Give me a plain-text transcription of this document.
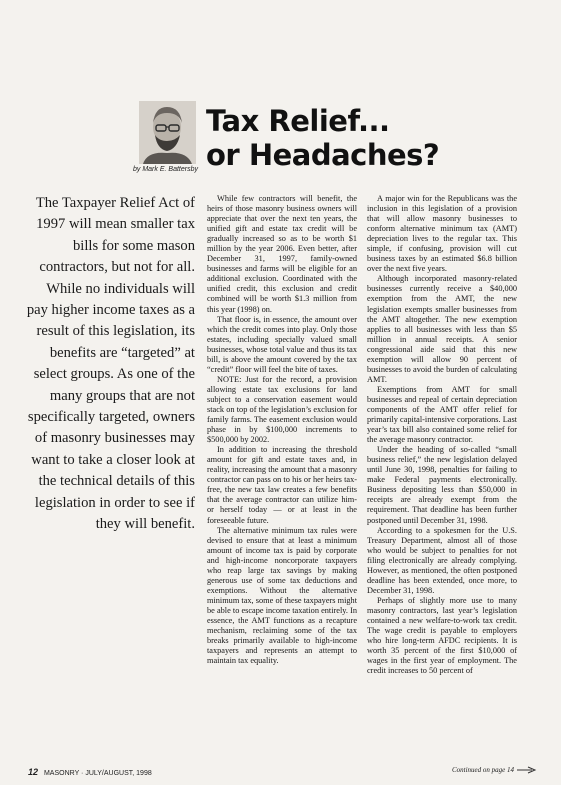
by Mark E. Battersby
Tax Relief...
or Headaches?
The Taxpayer Relief Act of 1997 will mean smaller tax bills for some mason contractors, but not for all. While no individuals will pay higher income taxes as a result of this legislation, its benefits are “targeted” at select groups. As one of the many groups that are not specifically targeted, owners of masonry businesses may want to take a closer look at the technical details of this legislation in order to see if they will benefit.

While few contractors will benefit, the heirs of those masonry business owners will appreciate that over the next ten years, the unified gift and estate tax credit will be gradually increased so as to be worth $1 million by the year 2006. Even better, after December 31, 1997, family-owned businesses and farms will be eligible for an additional exclusion. Coordinated with the unified credit, this exclusion and credit combined will be worth $1.3 million from this year (1998) on.

That floor is, in essence, the amount over which the credit comes into play. Only those estates, including specially valued small businesses, whose total value and thus its tax bill, is above the amount covered by the tax “credit” floor will feel the bite of taxes.

NOTE: Just for the record, a provision allowing estate tax exclusions for land subject to a conservation easement would stack on top of the legislation’s exclusion for family farms. The easement exclusion would phase in by $100,000 increments to $500,000 by 2002.

In addition to increasing the threshold amount for gift and estate taxes and, in reality, increasing the amount that a masonry contractor can pass on to his or her heirs tax-free, the new tax law creates a few benefits that the average contractor can utilize him- or herself today — or at least in the foreseeable future.

The alternative minimum tax rules were devised to ensure that at least a minimum amount of income tax is paid by corporate and high-income noncorporate taxpayers who reap large tax savings by making generous use of some tax deductions and exemptions. Without the alternative minimum tax, some of these taxpayers might be able to escape income taxation entirely. In essence, the AMT functions as a recapture mechanism, reclaiming some of the tax breaks primarily available to high-income taxpayers and represents an attempt to maintain tax equality.

A major win for the Republicans was the inclusion in this legislation of a provision that will allow masonry businesses to conform alternative minimum tax (AMT) depreciation lives to the regular tax. This simple, if confusing, provision will cut business taxes by an estimated $6.8 billion over the next five years.

Although incorporated masonry-related businesses currently receive a $40,000 exemption from the AMT, the new legislation exempts smaller businesses from the AMT altogether. The new exemption applies to all businesses with less than $5 million in annual receipts. A senior congressional aide said that this new exemption will allow 90 percent of businesses to avoid the burden of calculating AMT.

Exemptions from AMT for small businesses and repeal of certain depreciation components of the AMT offer relief for primarily capital-intensive corporations. Last year’s tax bill also contained some relief for the average masonry contractor.

Under the heading of so-called “small business relief,” the new legislation delayed until June 30, 1998, penalties for failing to make Federal payments electronically. Business depositing less than $50,000 in receipts are already exempt from the requirement. That deadline has been further postponed until December 31, 1998.

According to a spokesmen for the U.S. Treasury Department, almost all of those who would be subject to penalties for not filing electronically are already complying. However, as mentioned, the often postponed deadline has been extended, once more, to December 31, 1998.

Perhaps of slightly more use to many masonry contractors, last year’s legislation contained a new welfare-to-work tax credit. The wage credit is payable to employers who hire long-term AFDC recipients. It is worth 35 percent of the first $10,000 of wages in the first year of employment. The credit increases to 50 percent of

Continued on page 14
12 MASONRY · JULY/AUGUST, 1998
